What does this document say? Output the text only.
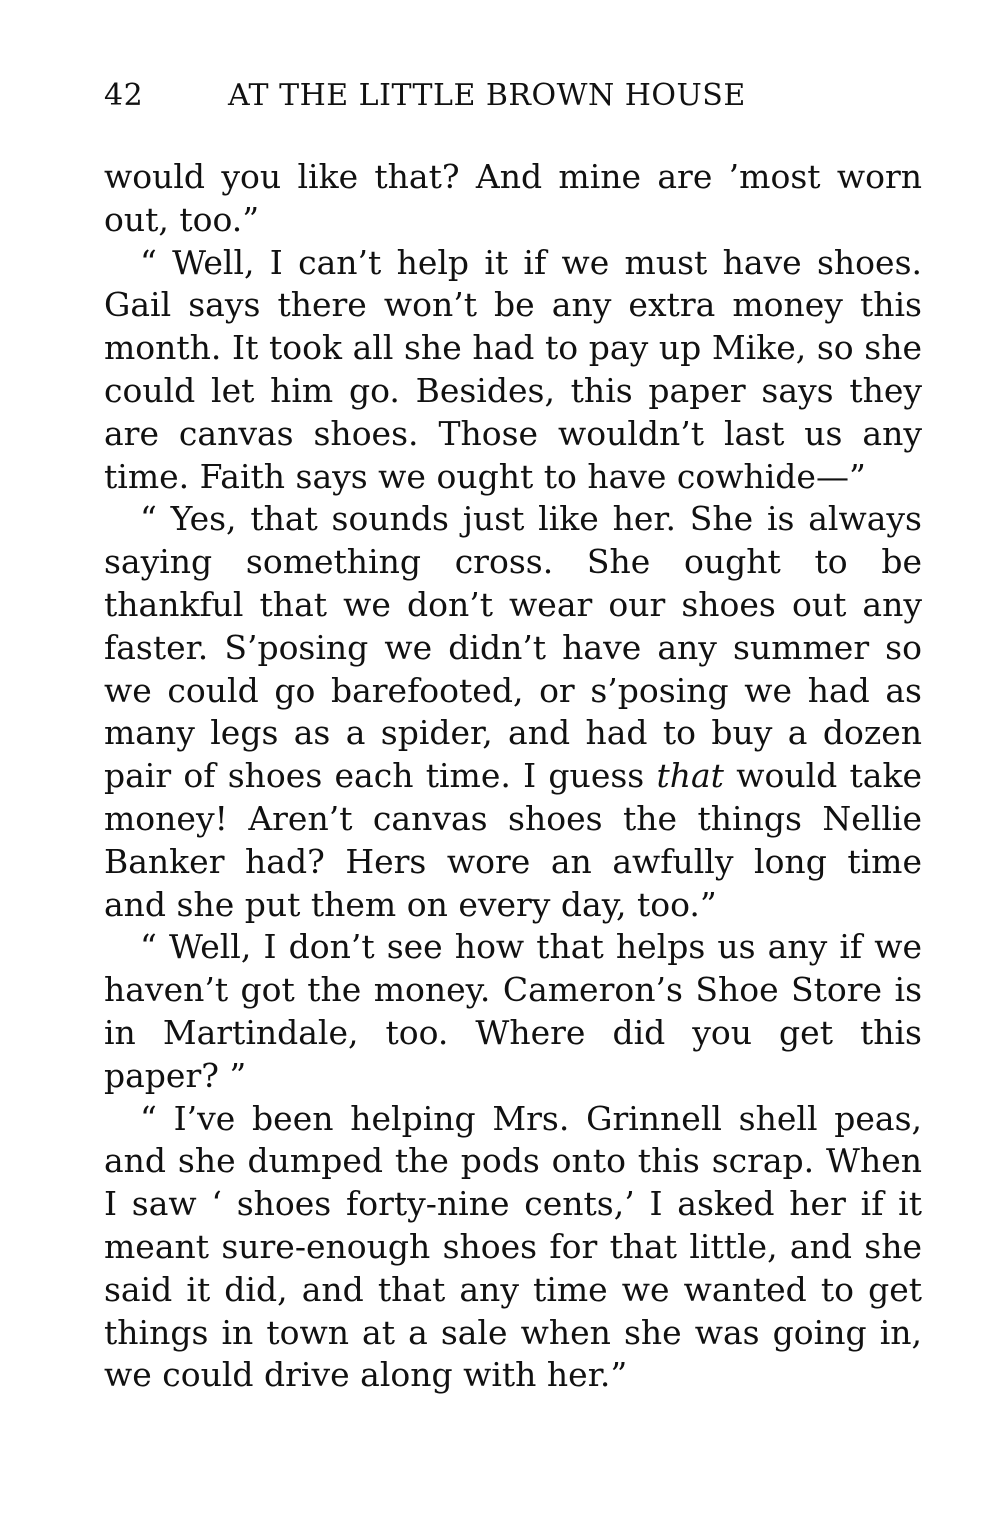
42	AT THE LITTLE BROWN HOUSE

would you like that? And mine are ’most worn out, too.”

“ Well, I can’t help it if we must have shoes. Gail says there won’t be any extra money this month. It took all she had to pay up Mike, so she could let him go. Besides, this paper says they are canvas shoes. Those wouldn’t last us any time. Faith says we ought to have cowhide—”

“ Yes, that sounds just like her. She is always saying something cross. She ought to be thankful that we don’t wear our shoes out any faster. S’posing we didn’t have any summer so we could go barefooted, or s’posing we had as many legs as a spider, and had to buy a dozen pair of shoes each time. I guess that would take money! Aren’t canvas shoes the things Nellie Banker had? Hers wore an awfully long time and she put them on every day, too.”

“ Well, I don’t see how that helps us any if we haven’t got the money. Cameron’s Shoe Store is in Martindale, too. Where did you get this paper? ”

“ I’ve been helping Mrs. Grinnell shell peas, and she dumped the pods onto this scrap. When I saw ‘ shoes forty-nine cents,’ I asked her if it meant sure-enough shoes for that little, and she said it did, and that any time we wanted to get things in town at a sale when she was going in, we could drive along with her.”
